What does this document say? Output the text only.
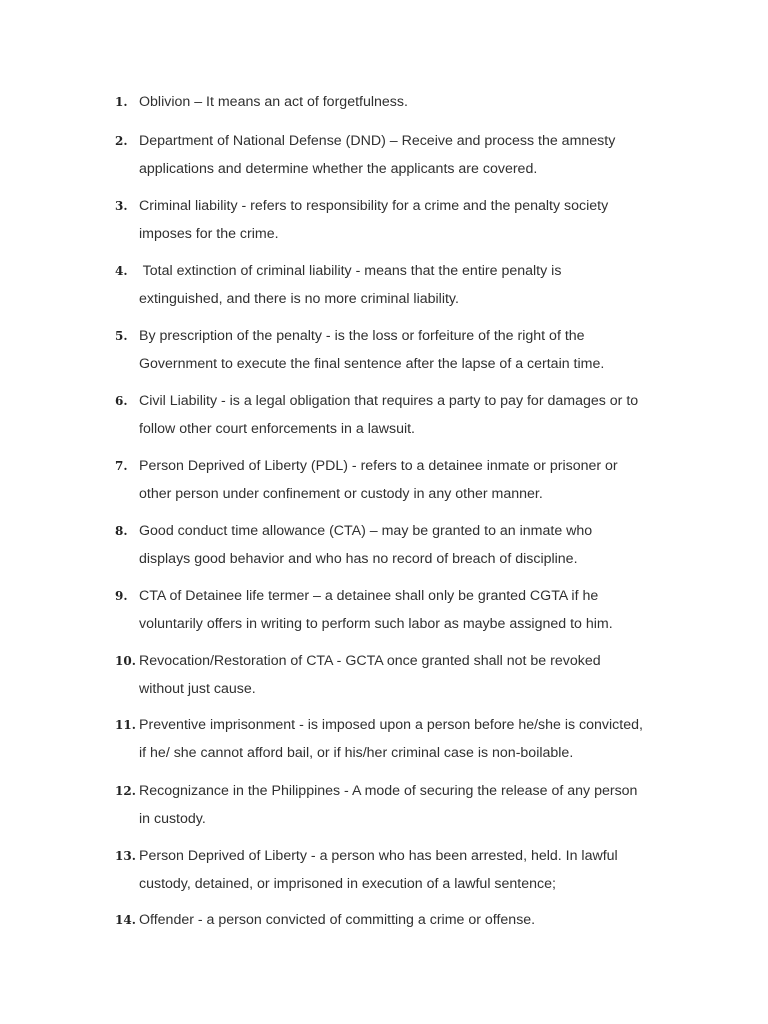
1. Oblivion – It means an act of forgetfulness.
2. Department of National Defense (DND) – Receive and process the amnesty
applications and determine whether the applicants are covered.
3. Criminal liability - refers to responsibility for a crime and the penalty society
imposes for the crime.
4. Total extinction of criminal liability - means that the entire penalty is
extinguished, and there is no more criminal liability.
5. By prescription of the penalty - is the loss or forfeiture of the right of the
Government to execute the final sentence after the lapse of a certain time.
6. Civil Liability - is a legal obligation that requires a party to pay for damages or to
follow other court enforcements in a lawsuit.
7. Person Deprived of Liberty (PDL) - refers to a detainee inmate or prisoner or
other person under confinement or custody in any other manner.
8. Good conduct time allowance (CTA) – may be granted to an inmate who
displays good behavior and who has no record of breach of discipline.
9. CTA of Detainee life termer – a detainee shall only be granted CGTA if he
voluntarily offers in writing to perform such labor as maybe assigned to him.
10. Revocation/Restoration of CTA - GCTA once granted shall not be revoked
without just cause.
11. Preventive imprisonment - is imposed upon a person before he/she is convicted,
if he/ she cannot afford bail, or if his/her criminal case is non-boilable.
12. Recognizance in the Philippines - A mode of securing the release of any person
in custody.
13. Person Deprived of Liberty - a person who has been arrested, held. In lawful
custody, detained, or imprisoned in execution of a lawful sentence;
14. Offender - a person convicted of committing a crime or offense.
